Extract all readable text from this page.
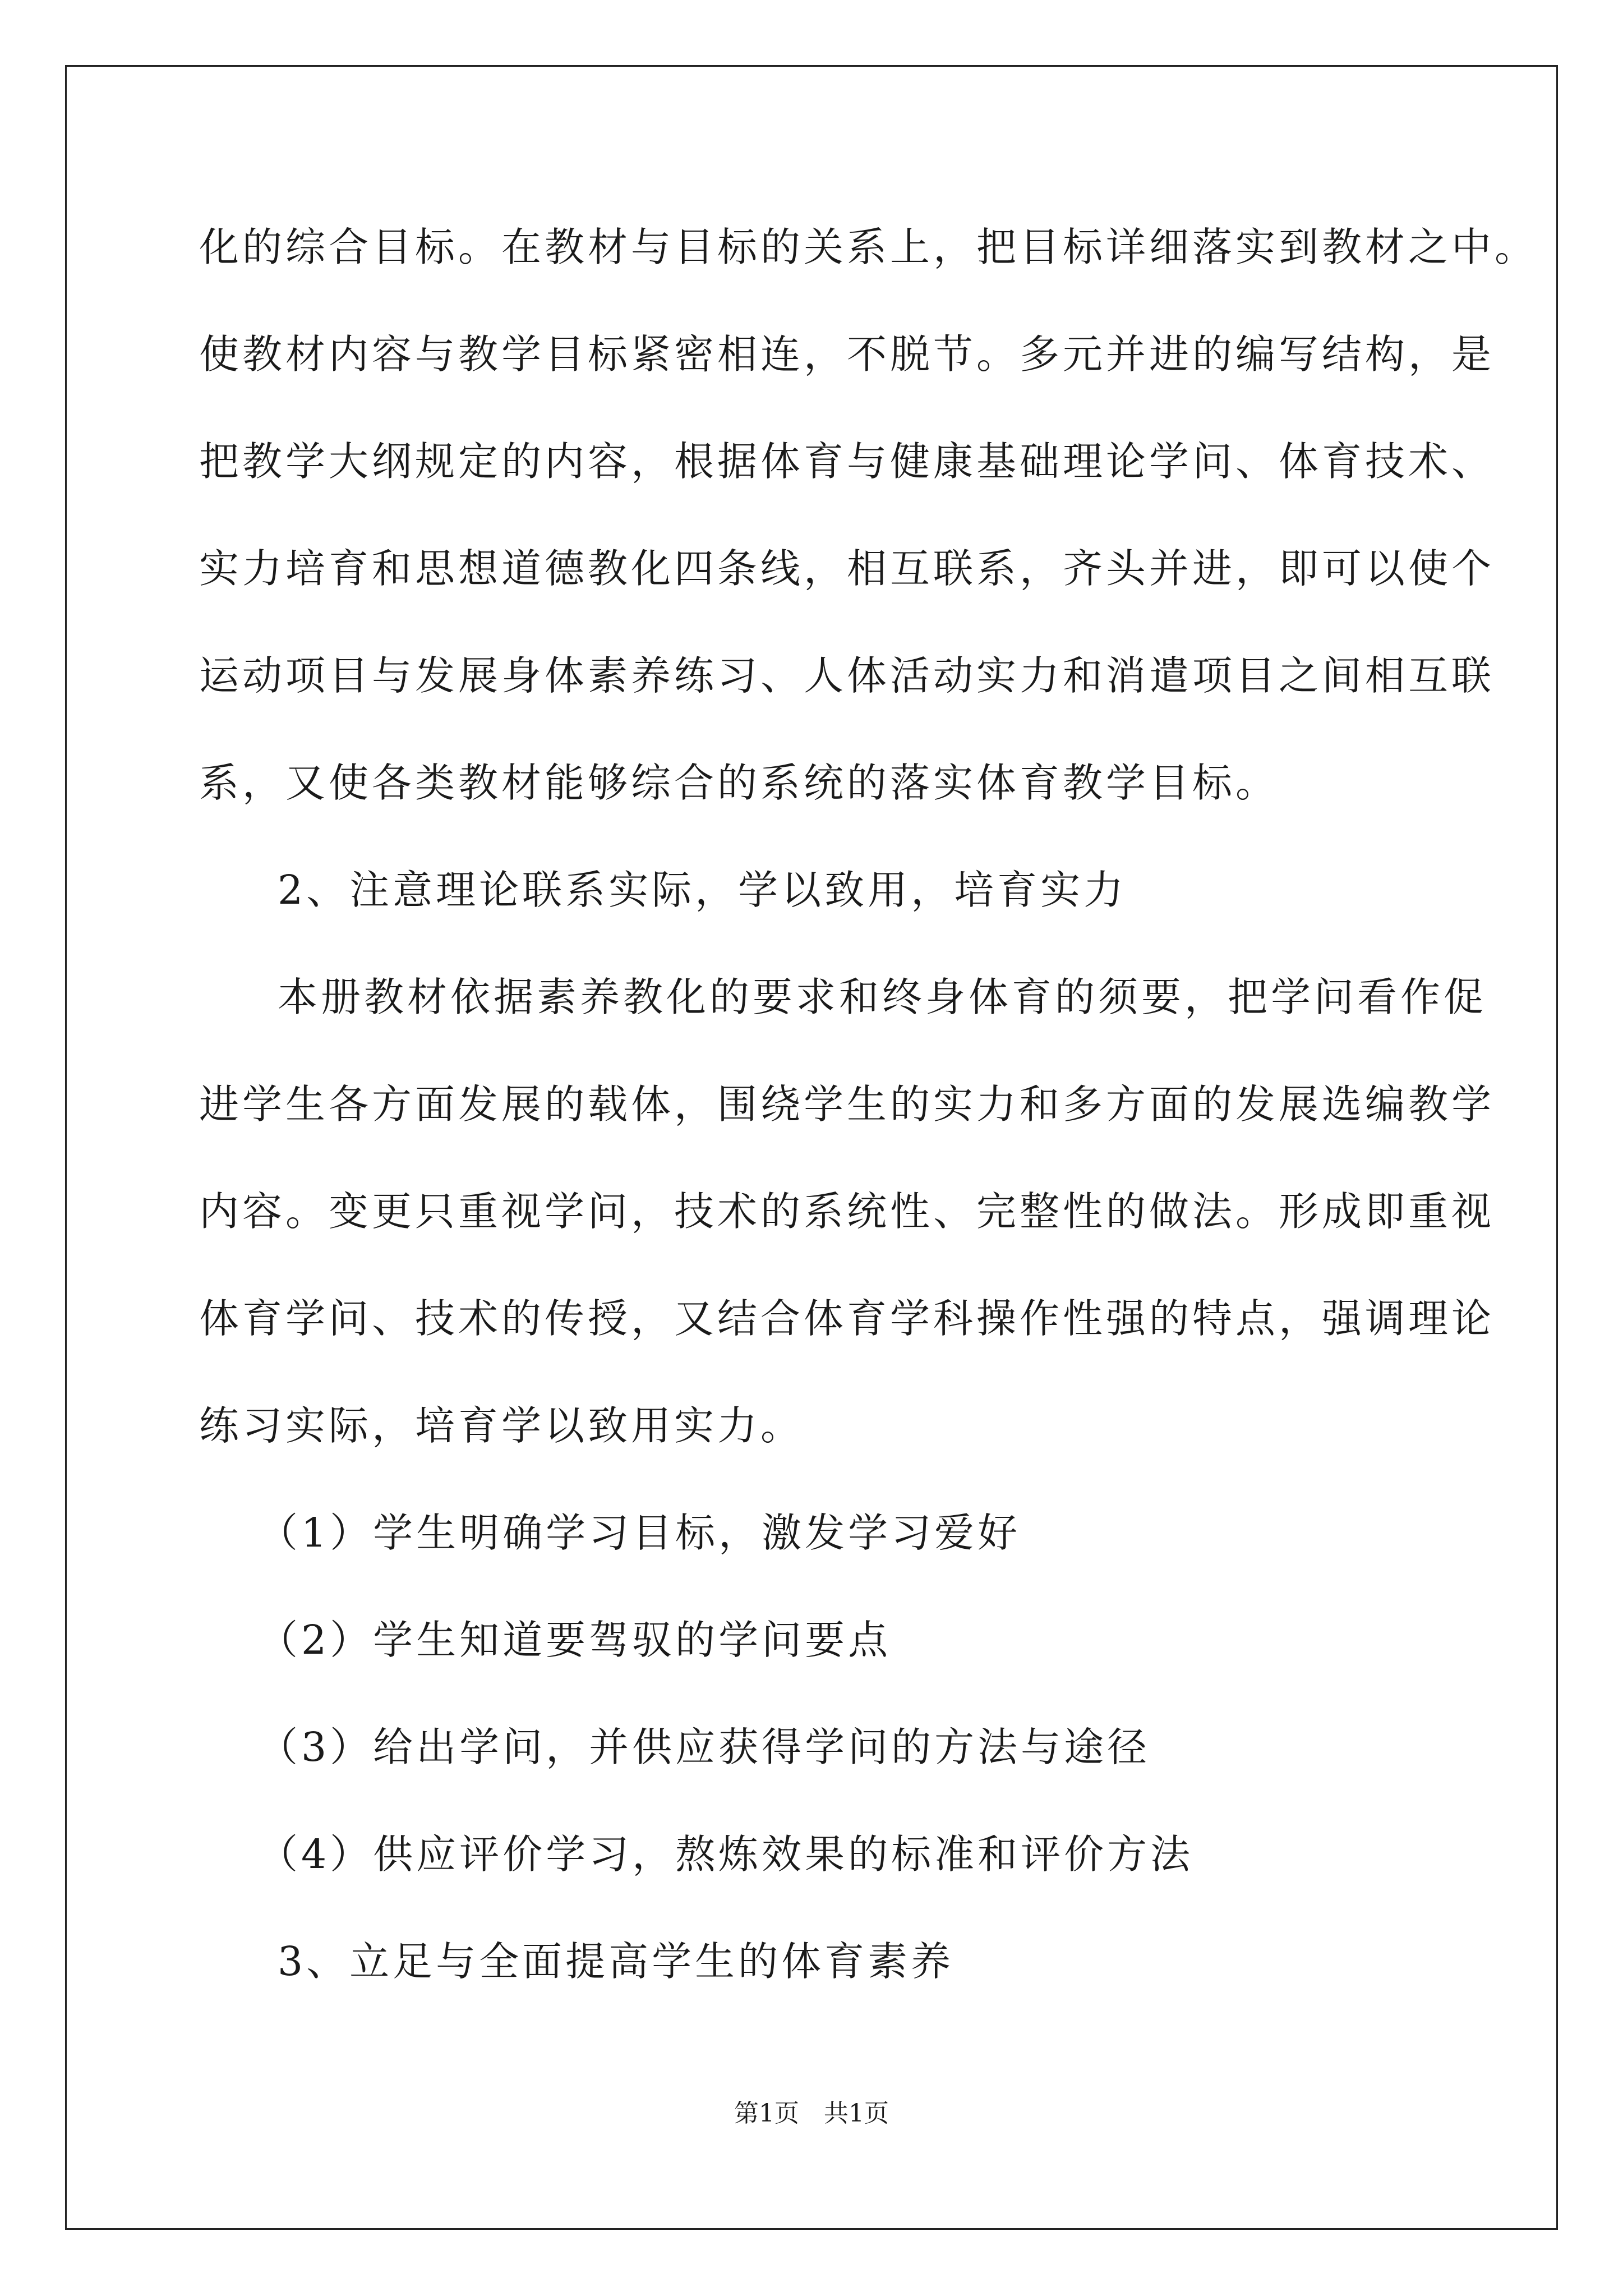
化的综合目标。在教材与目标的关系上，把目标详细落实到教材之中。
使教材内容与教学目标紧密相连，不脱节。多元并进的编写结构，是
把教学大纲规定的内容，根据体育与健康基础理论学问、体育技术、
实力培育和思想道德教化四条线，相互联系，齐头并进，即可以使个
运动项目与发展身体素养练习、人体活动实力和消遣项目之间相互联
系，又使各类教材能够综合的系统的落实体育教学目标。
2、注意理论联系实际，学以致用，培育实力
本册教材依据素养教化的要求和终身体育的须要，把学问看作促
进学生各方面发展的载体，围绕学生的实力和多方面的发展选编教学
内容。变更只重视学问，技术的系统性、完整性的做法。形成即重视
体育学问、技术的传授，又结合体育学科操作性强的特点，强调理论
练习实际，培育学以致用实力。
（1）学生明确学习目标，激发学习爱好
（2）学生知道要驾驭的学问要点
（3）给出学问，并供应获得学问的方法与途径
（4）供应评价学习，熬炼效果的标准和评价方法
3、立足与全面提高学生的体育素养
第1页　共1页
